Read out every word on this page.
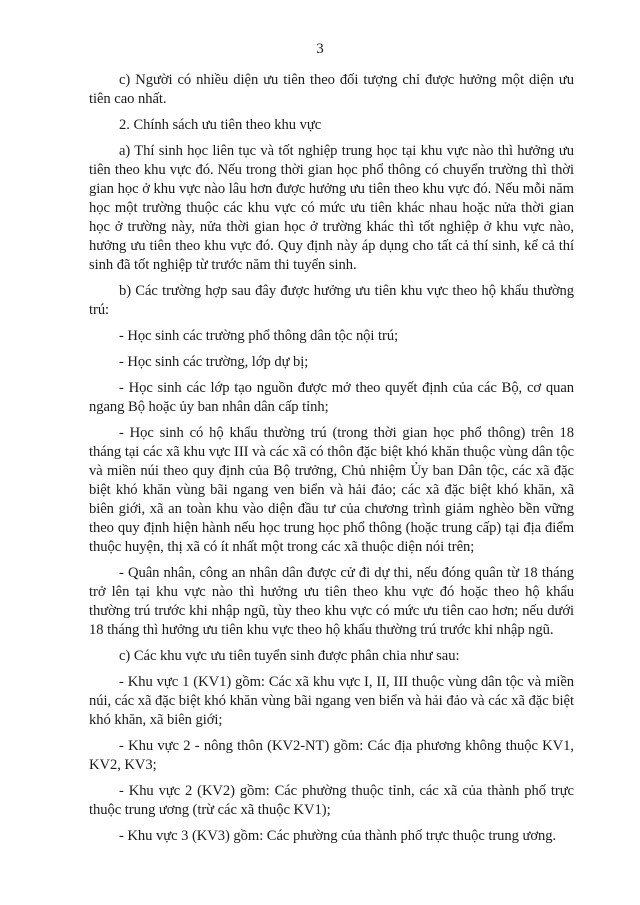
3

c) Người có nhiều diện ưu tiên theo đối tượng chỉ được hưởng một diện ưu tiên cao nhất.

2. Chính sách ưu tiên theo khu vực

a) Thí sinh học liên tục và tốt nghiệp trung học tại khu vực nào thì hưởng ưu tiên theo khu vực đó. Nếu trong thời gian học phổ thông có chuyển trường thì thời gian học ở khu vực nào lâu hơn được hưởng ưu tiên theo khu vực đó. Nếu mỗi năm học một trường thuộc các khu vực có mức ưu tiên khác nhau hoặc nửa thời gian học ở trường này, nửa thời gian học ở trường khác thì tốt nghiệp ở khu vực nào, hưởng ưu tiên theo khu vực đó. Quy định này áp dụng cho tất cả thí sinh, kể cả thí sinh đã tốt nghiệp từ trước năm thi tuyển sinh.

b) Các trường hợp sau đây được hưởng ưu tiên khu vực theo hộ khẩu thường trú:

- Học sinh các trường phổ thông dân tộc nội trú;

- Học sinh các trường, lớp dự bị;

- Học sinh các lớp tạo nguồn được mở theo quyết định của các Bộ, cơ quan ngang Bộ hoặc ủy ban nhân dân cấp tỉnh;

- Học sinh có hộ khẩu thường trú (trong thời gian học phổ thông) trên 18 tháng tại các xã khu vực III và các xã có thôn đặc biệt khó khăn thuộc vùng dân tộc và miền núi theo quy định của Bộ trưởng, Chủ nhiệm Ủy ban Dân tộc, các xã đặc biệt khó khăn vùng bãi ngang ven biển và hải đảo; các xã đặc biệt khó khăn, xã biên giới, xã an toàn khu vào diện đầu tư của chương trình giảm nghèo bền vững theo quy định hiện hành nếu học trung học phổ thông (hoặc trung cấp) tại địa điểm thuộc huyện, thị xã có ít nhất một trong các xã thuộc diện nói trên;

- Quân nhân, công an nhân dân được cử đi dự thi, nếu đóng quân từ 18 tháng trở lên tại khu vực nào thì hưởng ưu tiên theo khu vực đó hoặc theo hộ khẩu thường trú trước khi nhập ngũ, tùy theo khu vực có mức ưu tiên cao hơn; nếu dưới 18 tháng thì hưởng ưu tiên khu vực theo hộ khẩu thường trú trước khi nhập ngũ.

c) Các khu vực ưu tiên tuyển sinh được phân chia như sau:

- Khu vực 1 (KV1) gồm: Các xã khu vực I, II, III thuộc vùng dân tộc và miền núi, các xã đặc biệt khó khăn vùng bãi ngang ven biển và hải đảo và các xã đặc biệt khó khăn, xã biên giới;

- Khu vực 2 - nông thôn (KV2-NT) gồm: Các địa phương không thuộc KV1, KV2, KV3;

- Khu vực 2 (KV2) gồm: Các phường thuộc tỉnh, các xã của thành phố trực thuộc trung ương (trừ các xã thuộc KV1);

- Khu vực 3 (KV3) gồm: Các phường của thành phố trực thuộc trung ương.
